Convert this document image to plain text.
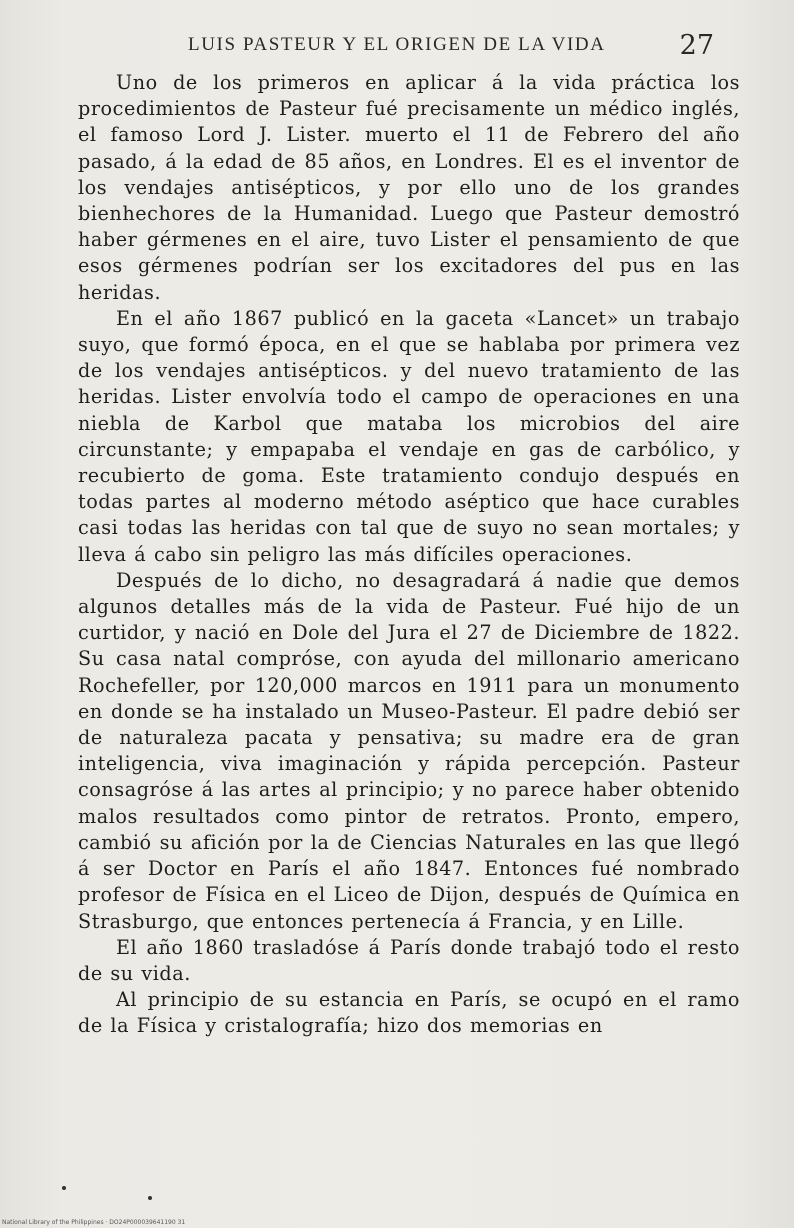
LUIS PASTEUR Y EL ORIGEN DE LA VIDA	27

Uno de los primeros en aplicar á la vida práctica los procedimientos de Pasteur fué precisamente un médico inglés, el famoso Lord J. Lister. muerto el 11 de Febrero del año pasado, á la edad de 85 años, en Londres. El es el inventor de los vendajes antisépticos, y por ello uno de los grandes bienhechores de la Humanidad. Luego que Pasteur demostró haber gérmenes en el aire, tuvo Lister el pensamiento de que esos gérmenes podrían ser los excitadores del pus en las heridas.

En el año 1867 publicó en la gaceta «Lancet» un trabajo suyo, que formó época, en el que se hablaba por primera vez de los vendajes antisépticos. y del nuevo tratamiento de las heridas. Lister envolvía todo el campo de operaciones en una niebla de Karbol que mataba los microbios del aire circunstante; y empapaba el vendaje en gas de carbólico, y recubierto de goma. Este tratamiento condujo después en todas partes al moderno método aséptico que hace curables casi todas las heridas con tal que de suyo no sean mortales; y lleva á cabo sin peligro las más difíciles operaciones.

Después de lo dicho, no desagradará á nadie que demos algunos detalles más de la vida de Pasteur. Fué hijo de un curtidor, y nació en Dole del Jura el 27 de Diciembre de 1822. Su casa natal compróse, con ayuda del millonario americano Rochefeller, por 120,000 marcos en 1911 para un monumento en donde se ha instalado un Museo-Pasteur. El padre debió ser de naturaleza pacata y pensativa; su madre era de gran inteligencia, viva imaginación y rápida percepción. Pasteur consagróse á las artes al principio; y no parece haber obtenido malos resultados como pintor de retratos. Pronto, empero, cambió su afición por la de Ciencias Naturales en las que llegó á ser Doctor en París el año 1847. Entonces fué nombrado profesor de Física en el Liceo de Dijon, después de Química en Strasburgo, que entonces pertenecía á Francia, y en Lille.

El año 1860 trasladóse á París donde trabajó todo el resto de su vida.

Al principio de su estancia en París, se ocupó en el ramo de la Física y cristalografía; hizo dos memorias en

National Library of the Philippines · DO24P000039641190 31
